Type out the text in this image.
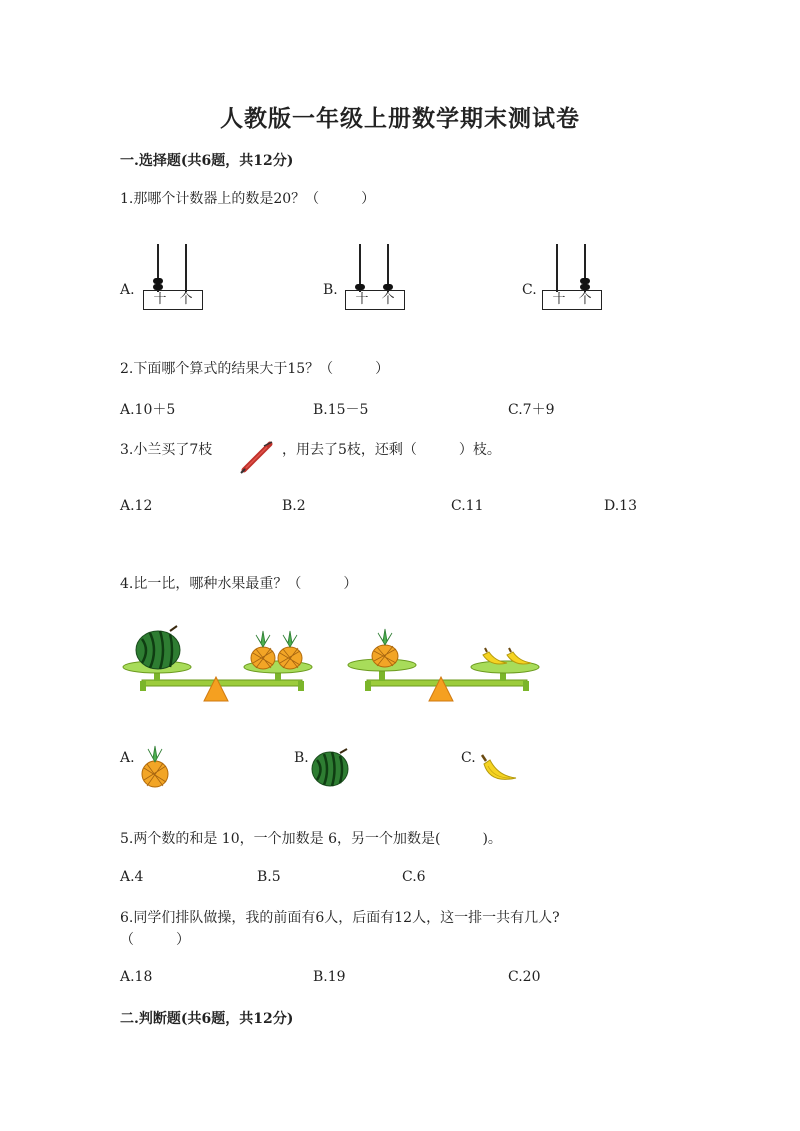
人教版一年级上册数学期末测试卷
一.选择题(共6题，共12分)
1.那哪个计数器上的数是20？（　　　）
A.
十 个
B.
十 个
C.
十 个
2.下面哪个算式的结果大于15？（　　　）
A.10＋5	B.15－5	C.7＋9
3.小兰买了7枝	，用去了5枝，还剩（　　　）枝。
A.12	B.2	C.11	D.13
4.比一比，哪种水果最重？（　　　）
A.	B.	C.
5.两个数的和是 10，一个加数是 6，另一个加数是(　　　)。
A.4	B.5	C.6
6.同学们排队做操，我的前面有6人，后面有12人，这一排一共有几人?
（　　　）
A.18	B.19	C.20
二.判断题(共6题，共12分)
